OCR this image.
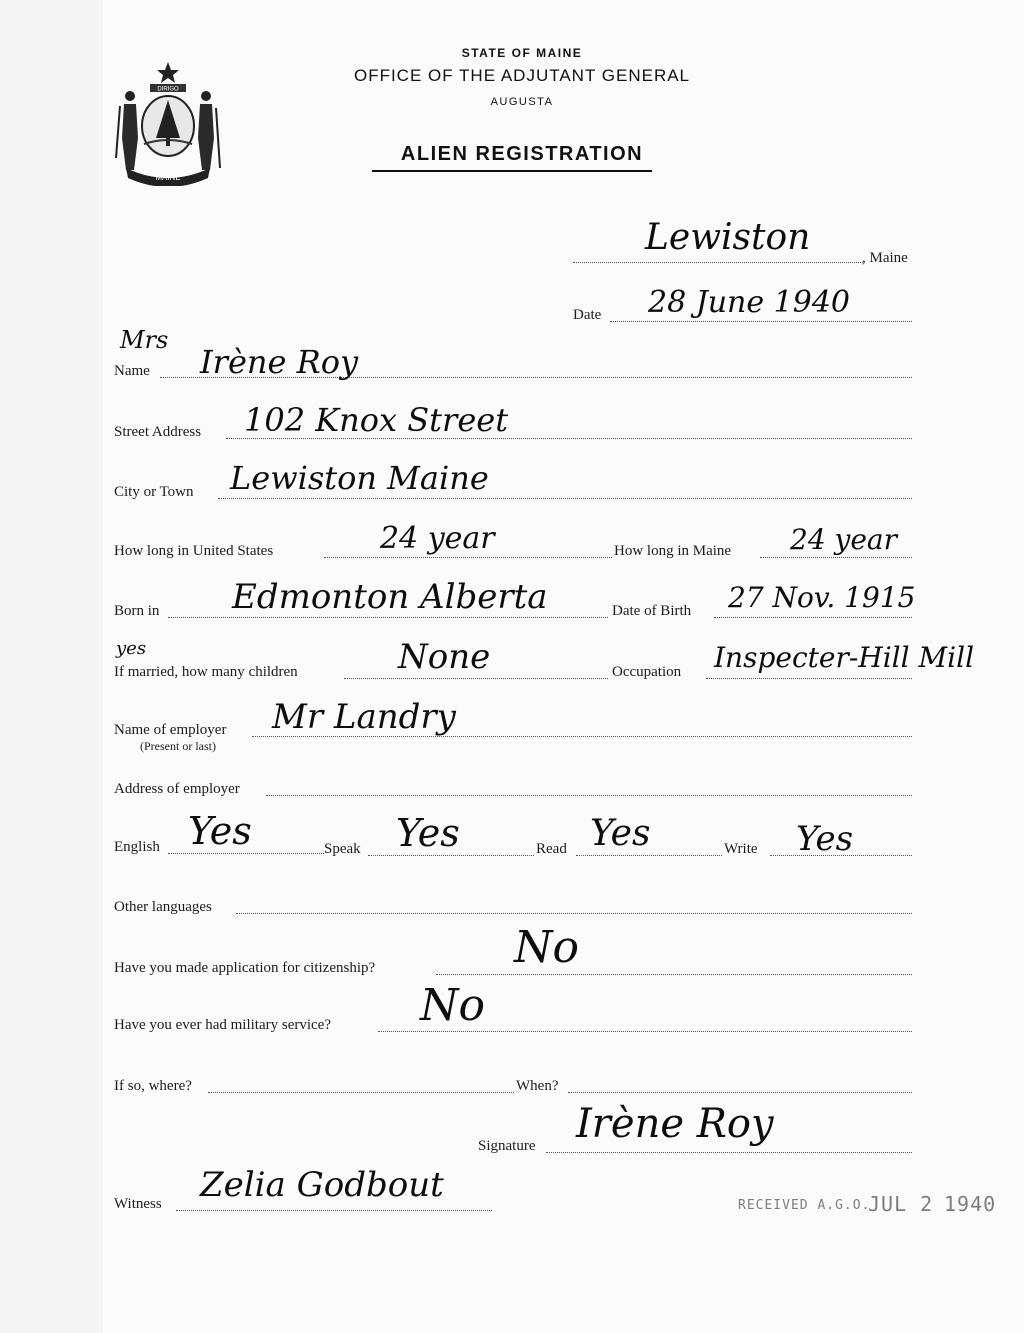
DIRIGO
MAINE
STATE OF MAINE
OFFICE OF THE ADJUTANT GENERAL
AUGUSTA
ALIEN REGISTRATION
Lewiston	, Maine
Date 28 June 1940
Mrs
Name Irène Roy
Street Address 102 Knox Street
City or Town Lewiston Maine
How long in United States	24 year	How long in Maine 24 year
Born in Edmonton Alberta	Date of Birth 27 Nov. 1915
yes
If married, how many children	None	Occupation Inspecter-Hill Mill
Name of employer
(Present or last)
Mr Landry
Address of employer
English Yes	Speak Yes	Read Yes	Write Yes
Other languages
Have you made application for citizenship?	No
Have you ever had military service? No
If so, where?	When?
Signature Irène Roy
Witness Zelia Godbout
RECEIVED A.G.O.
JUL 2 1940
